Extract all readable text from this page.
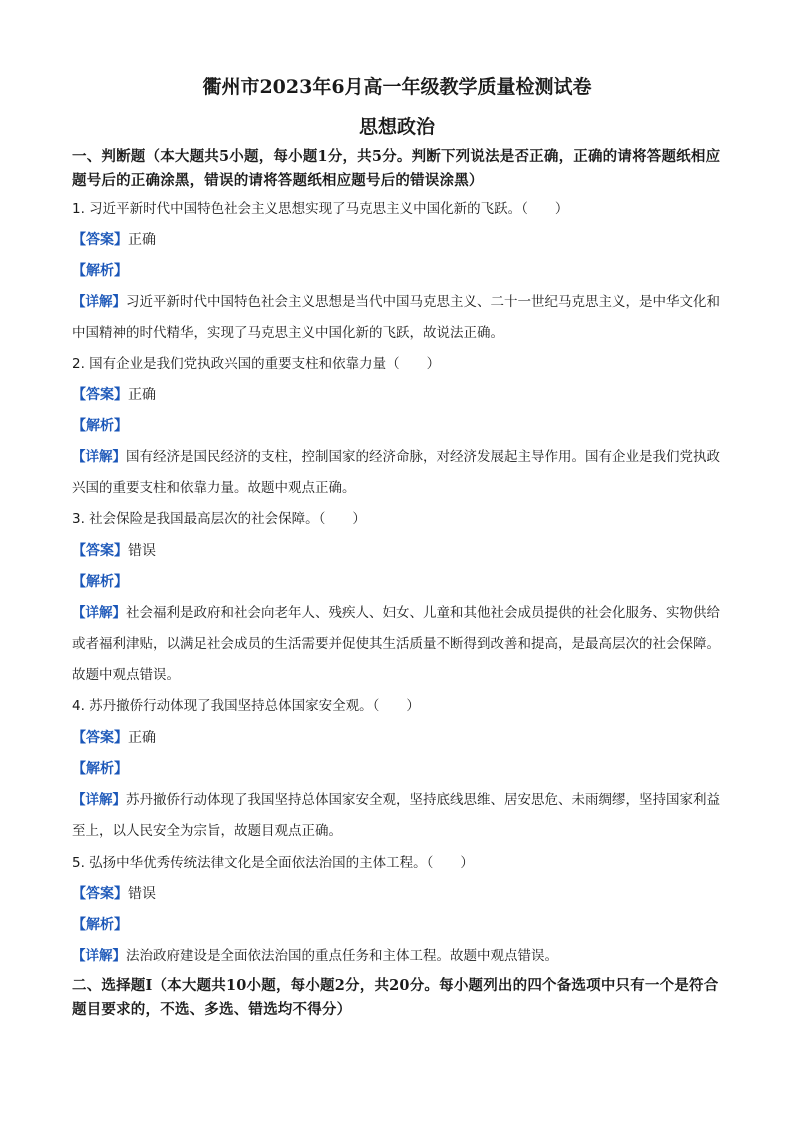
衢州市2023年6月高一年级教学质量检测试卷
思想政治
一、判断题（本大题共5小题，每小题1分，共5分。判断下列说法是否正确，正确的请将答题纸相应题号后的正确涂黑，错误的请将答题纸相应题号后的错误涂黑）
1. 习近平新时代中国特色社会主义思想实现了马克思主义中国化新的飞跃。（　　）
【答案】正确
【解析】
【详解】习近平新时代中国特色社会主义思想是当代中国马克思主义、二十一世纪马克思主义，是中华文化和中国精神的时代精华，实现了马克思主义中国化新的飞跃，故说法正确。
2. 国有企业是我们党执政兴国的重要支柱和依靠力量（　　）
【答案】正确
【解析】
【详解】国有经济是国民经济的支柱，控制国家的经济命脉，对经济发展起主导作用。国有企业是我们党执政兴国的重要支柱和依靠力量。故题中观点正确。
3. 社会保险是我国最高层次的社会保障。（　　）
【答案】错误
【解析】
【详解】社会福利是政府和社会向老年人、残疾人、妇女、儿童和其他社会成员提供的社会化服务、实物供给或者福利津贴，以满足社会成员的生活需要并促使其生活质量不断得到改善和提高，是最高层次的社会保障。故题中观点错误。
4. 苏丹撤侨行动体现了我国坚持总体国家安全观。（　　）
【答案】正确
【解析】
【详解】苏丹撤侨行动体现了我国坚持总体国家安全观，坚持底线思维、居安思危、未雨绸缪，坚持国家利益至上，以人民安全为宗旨，故题目观点正确。
5. 弘扬中华优秀传统法律文化是全面依法治国的主体工程。（　　）
【答案】错误
【解析】
【详解】法治政府建设是全面依法治国的重点任务和主体工程。故题中观点错误。
二、选择题Ⅰ（本大题共10小题，每小题2分，共20分。每小题列出的四个备选项中只有一个是符合题目要求的，不选、多选、错选均不得分）
